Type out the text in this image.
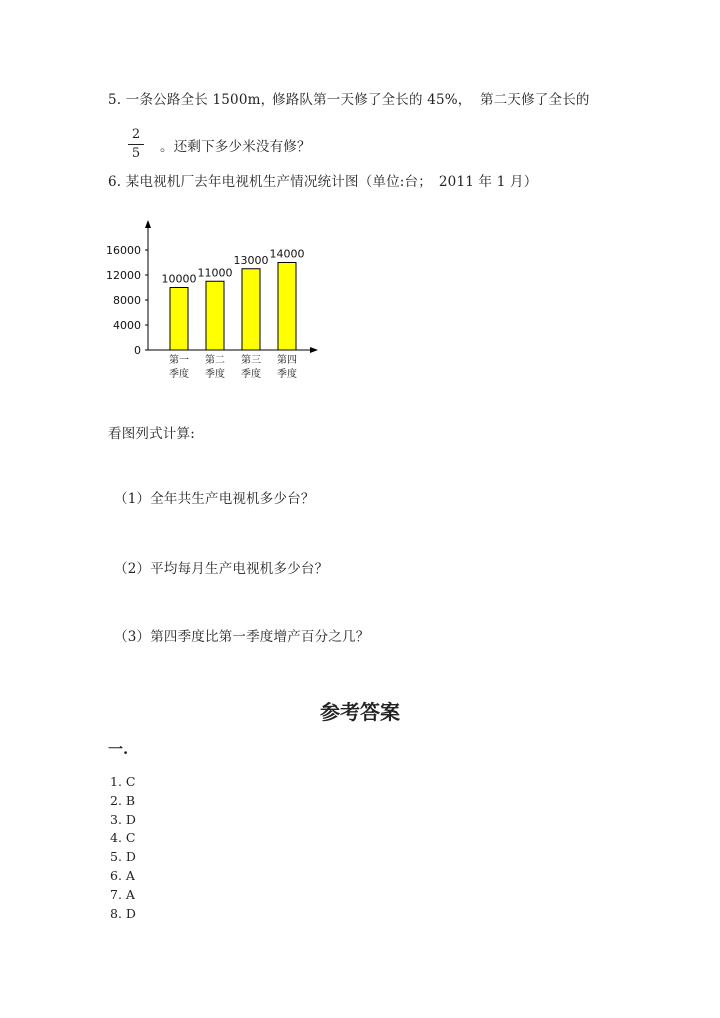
5. 一条公路全长 1500m，
修路队第一天修了全长的 45%， 第二天修了全长的
2
5 。还剩下多少米没有修？
6. 某电视机厂去年电视机生产情况统计图（单位:台；　2011 年 1 月）
0
4000
8000
12000
16000
10000 11000
13000 14000
第一
季度
第二
季度
第三
季度
第四
季度
看图列式计算:
（1）全年共生产电视机多少台？
（2）平均每月生产电视机多少台？
（3）第四季度比第一季度增产百分之几？
参考答案
一.
1. C
2. B
3. D
4. C
5. D
6. A
7. A
8. D
